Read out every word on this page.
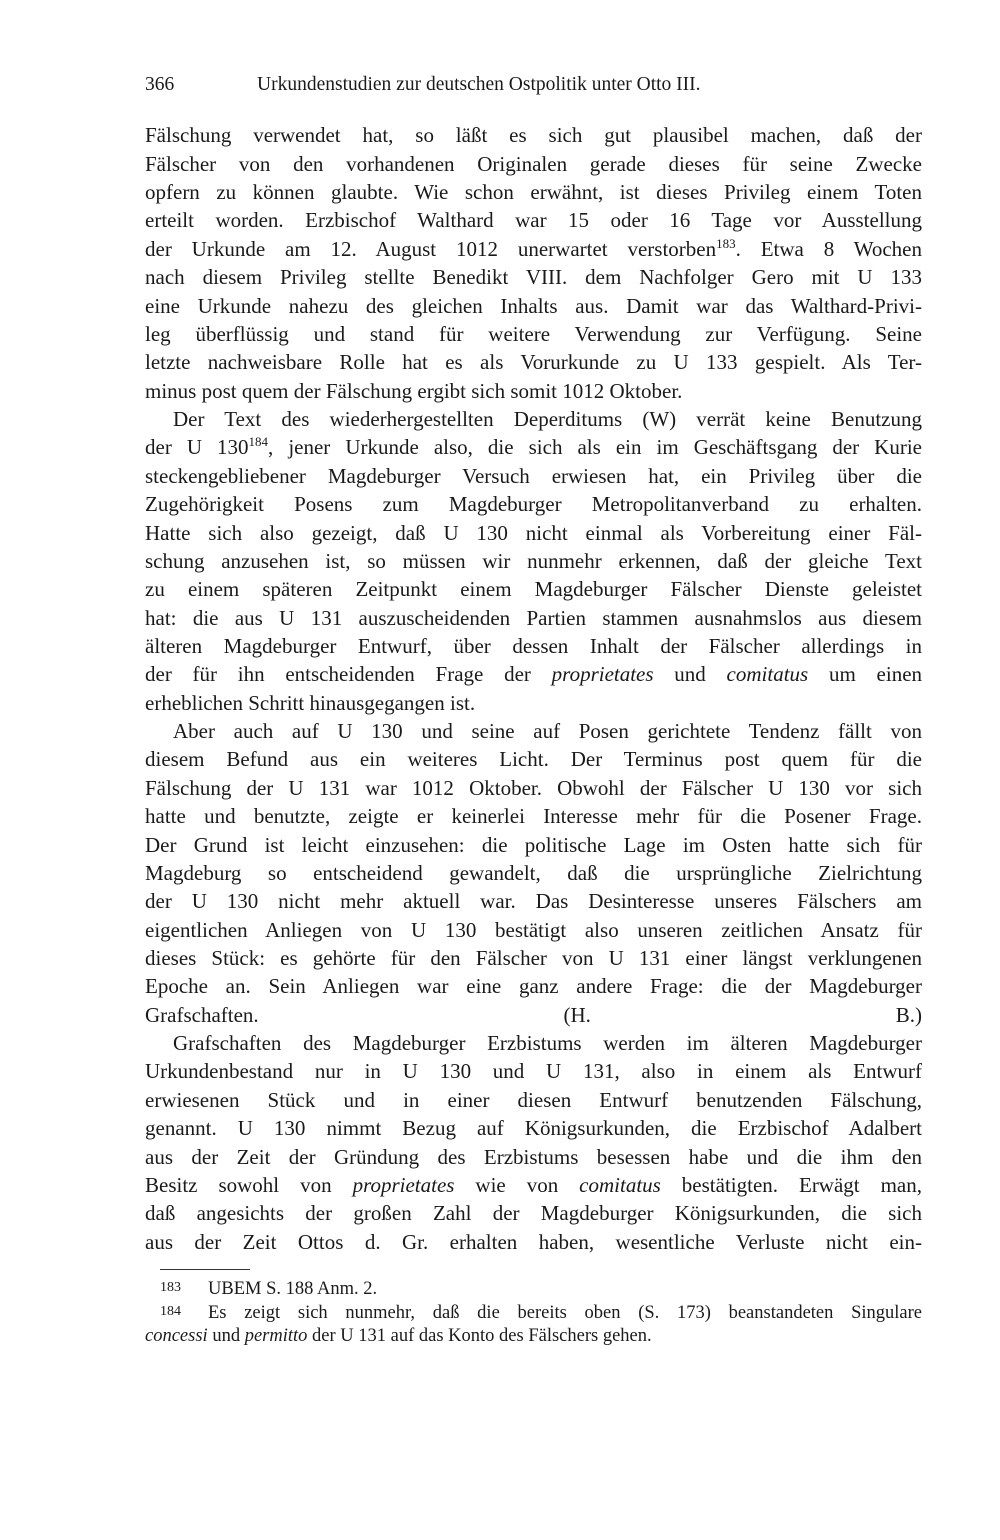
366	Urkundenstudien zur deutschen Ostpolitik unter Otto III.
Fälschung verwendet hat, so läßt es sich gut plausibel machen, daß der
Fälscher von den vorhandenen Originalen gerade dieses für seine Zwecke
opfern zu können glaubte. Wie schon erwähnt, ist dieses Privileg einem Toten
erteilt worden. Erzbischof Walthard war 15 oder 16 Tage vor Ausstellung
der Urkunde am 12. August 1012 unerwartet verstorben$^{183}$. Etwa 8 Wochen
nach diesem Privileg stellte Benedikt VIII. dem Nachfolger Gero mit U 133
eine Urkunde nahezu des gleichen Inhalts aus. Damit war das Walthard-Privi-
leg überflüssig und stand für weitere Verwendung zur Verfügung. Seine
letzte nachweisbare Rolle hat es als Vorurkunde zu U 133 gespielt. Als Ter-
minus post quem der Fälschung ergibt sich somit 1012 Oktober.
Der Text des wiederhergestellten Deperditums (W) verrät keine Benutzung
der U 130$^{184}$, jener Urkunde also, die sich als ein im Geschäftsgang der Kurie
steckengebliebener Magdeburger Versuch erwiesen hat, ein Privileg über die
Zugehörigkeit Posens zum Magdeburger Metropolitanverband zu erhalten.
Hatte sich also gezeigt, daß U 130 nicht einmal als Vorbereitung einer Fäl-
schung anzusehen ist, so müssen wir nunmehr erkennen, daß der gleiche Text
zu einem späteren Zeitpunkt einem Magdeburger Fälscher Dienste geleistet
hat: die aus U 131 auszuscheidenden Partien stammen ausnahmslos aus diesem
älteren Magdeburger Entwurf, über dessen Inhalt der Fälscher allerdings in
der für ihn entscheidenden Frage der proprietates und comitatus um einen
erheblichen Schritt hinausgegangen ist.
Aber auch auf U 130 und seine auf Posen gerichtete Tendenz fällt von
diesem Befund aus ein weiteres Licht. Der Terminus post quem für die
Fälschung der U 131 war 1012 Oktober. Obwohl der Fälscher U 130 vor sich
hatte und benutzte, zeigte er keinerlei Interesse mehr für die Posener Frage.
Der Grund ist leicht einzusehen: die politische Lage im Osten hatte sich für
Magdeburg so entscheidend gewandelt, daß die ursprüngliche Zielrichtung
der U 130 nicht mehr aktuell war. Das Desinteresse unseres Fälschers am
eigentlichen Anliegen von U 130 bestätigt also unseren zeitlichen Ansatz für
dieses Stück: es gehörte für den Fälscher von U 131 einer längst verklungenen
Epoche an. Sein Anliegen war eine ganz andere Frage: die der Magdeburger
Grafschaften.	(H. B.)
Grafschaften des Magdeburger Erzbistums werden im älteren Magdeburger
Urkundenbestand nur in U 130 und U 131, also in einem als Entwurf
erwiesenen Stück und in einer diesen Entwurf benutzenden Fälschung,
genannt. U 130 nimmt Bezug auf Königsurkunden, die Erzbischof Adalbert
aus der Zeit der Gründung des Erzbistums besessen habe und die ihm den
Besitz sowohl von proprietates wie von comitatus bestätigten. Erwägt man,
daß angesichts der großen Zahl der Magdeburger Königsurkunden, die sich
aus der Zeit Ottos d. Gr. erhalten haben, wesentliche Verluste nicht ein-
183 UBEM S. 188 Anm. 2.
184 Es zeigt sich nunmehr, daß die bereits oben (S. 173) beanstandeten Singulare
concessi und permitto der U 131 auf das Konto des Fälschers gehen.
